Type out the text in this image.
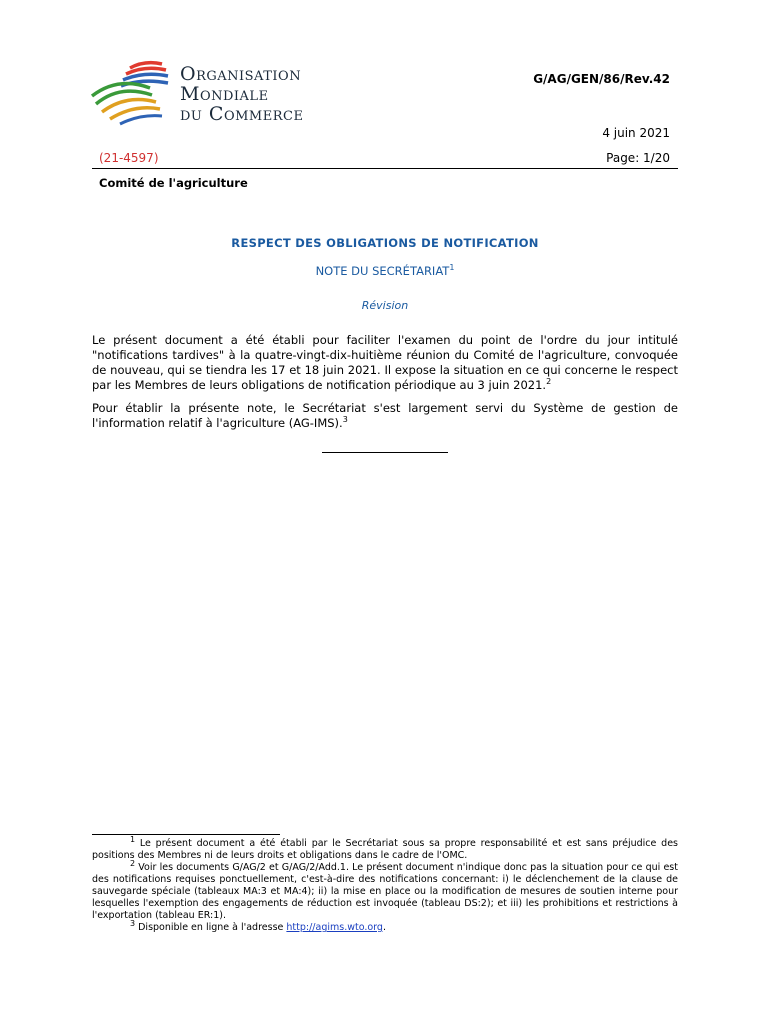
Organisation
Mondiale
du Commerce
G/AG/GEN/86/Rev.42
4 juin 2021
(21-4597)	Page: 1/20
Comité de l'agriculture
RESPECT DES OBLIGATIONS DE NOTIFICATION
NOTE DU SECRÉTARIAT$^1$
Révision
Le présent document a été établi pour faciliter l'examen du point de l'ordre du jour intitulé "notifications tardives" à la quatre-vingt-dix-huitième réunion du Comité de l'agriculture, convoquée de nouveau, qui se tiendra les 17 et 18 juin 2021. Il expose la situation en ce qui concerne le respect par les Membres de leurs obligations de notification périodique au 3 juin 2021.$^2$
Pour établir la présente note, le Secrétariat s'est largement servi du Système de gestion de l'information relatif à l'agriculture (AG-IMS).$^3$

$^1$ Le présent document a été établi par le Secrétariat sous sa propre responsabilité et est sans préjudice des positions des Membres ni de leurs droits et obligations dans le cadre de l'OMC.

$^2$ Voir les documents G/AG/2 et G/AG/2/Add.1. Le présent document n'indique donc pas la situation pour ce qui est des notifications requises ponctuellement, c'est-à-dire des notifications concernant: i) le déclenchement de la clause de sauvegarde spéciale (tableaux MA:3 et MA:4); ii) la mise en place ou la modification de mesures de soutien interne pour lesquelles l'exemption des engagements de réduction est invoquée (tableau DS:2); et iii) les prohibitions et restrictions à l'exportation (tableau ER:1).

$^3$ Disponible en ligne à l'adresse http://agims.wto.org.
